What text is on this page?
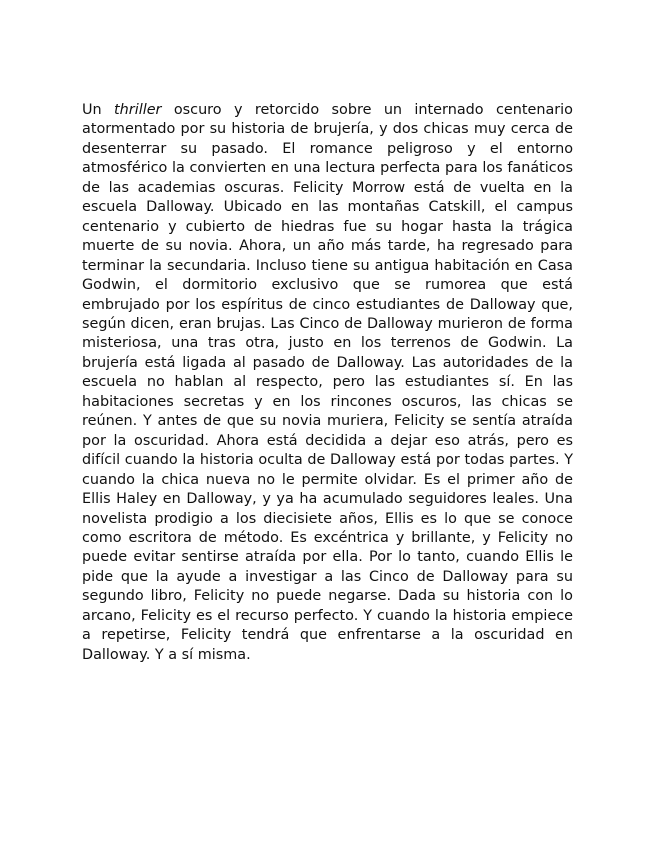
Un thriller oscuro y retorcido sobre un internado centenario atormentado por su historia de brujería, y dos chicas muy cerca de desenterrar su pasado. El romance peligroso y el entorno atmosférico la convierten en una lectura perfecta para los fanáticos de las academias oscuras. Felicity Morrow está de vuelta en la escuela Dalloway. Ubicado en las montañas Catskill, el campus centenario y cubierto de hiedras fue su hogar hasta la trágica muerte de su novia. Ahora, un año más tarde, ha regresado para terminar la secundaria. Incluso tiene su antigua habitación en Casa Godwin, el dormitorio exclusivo que se rumorea que está embrujado por los espíritus de cinco estudiantes de Dalloway que, según dicen, eran brujas. Las Cinco de Dalloway murieron de forma misteriosa, una tras otra, justo en los terrenos de Godwin. La brujería está ligada al pasado de Dalloway. Las autoridades de la escuela no hablan al respecto, pero las estudiantes sí. En las habitaciones secretas y en los rincones oscuros, las chicas se reúnen. Y antes de que su novia muriera, Felicity se sentía atraída por la oscuridad. Ahora está decidida a dejar eso atrás, pero es difícil cuando la historia oculta de Dalloway está por todas partes. Y cuando la chica nueva no le permite olvidar. Es el primer año de Ellis Haley en Dalloway, y ya ha acumulado seguidores leales. Una novelista prodigio a los diecisiete años, Ellis es lo que se conoce como escritora de método. Es excéntrica y brillante, y Felicity no puede evitar sentirse atraída por ella. Por lo tanto, cuando Ellis le pide que la ayude a investigar a las Cinco de Dalloway para su segundo libro, Felicity no puede negarse. Dada su historia con lo arcano, Felicity es el recurso perfecto. Y cuando la historia empiece a repetirse, Felicity tendrá que enfrentarse a la oscuridad en Dalloway. Y a sí misma.
